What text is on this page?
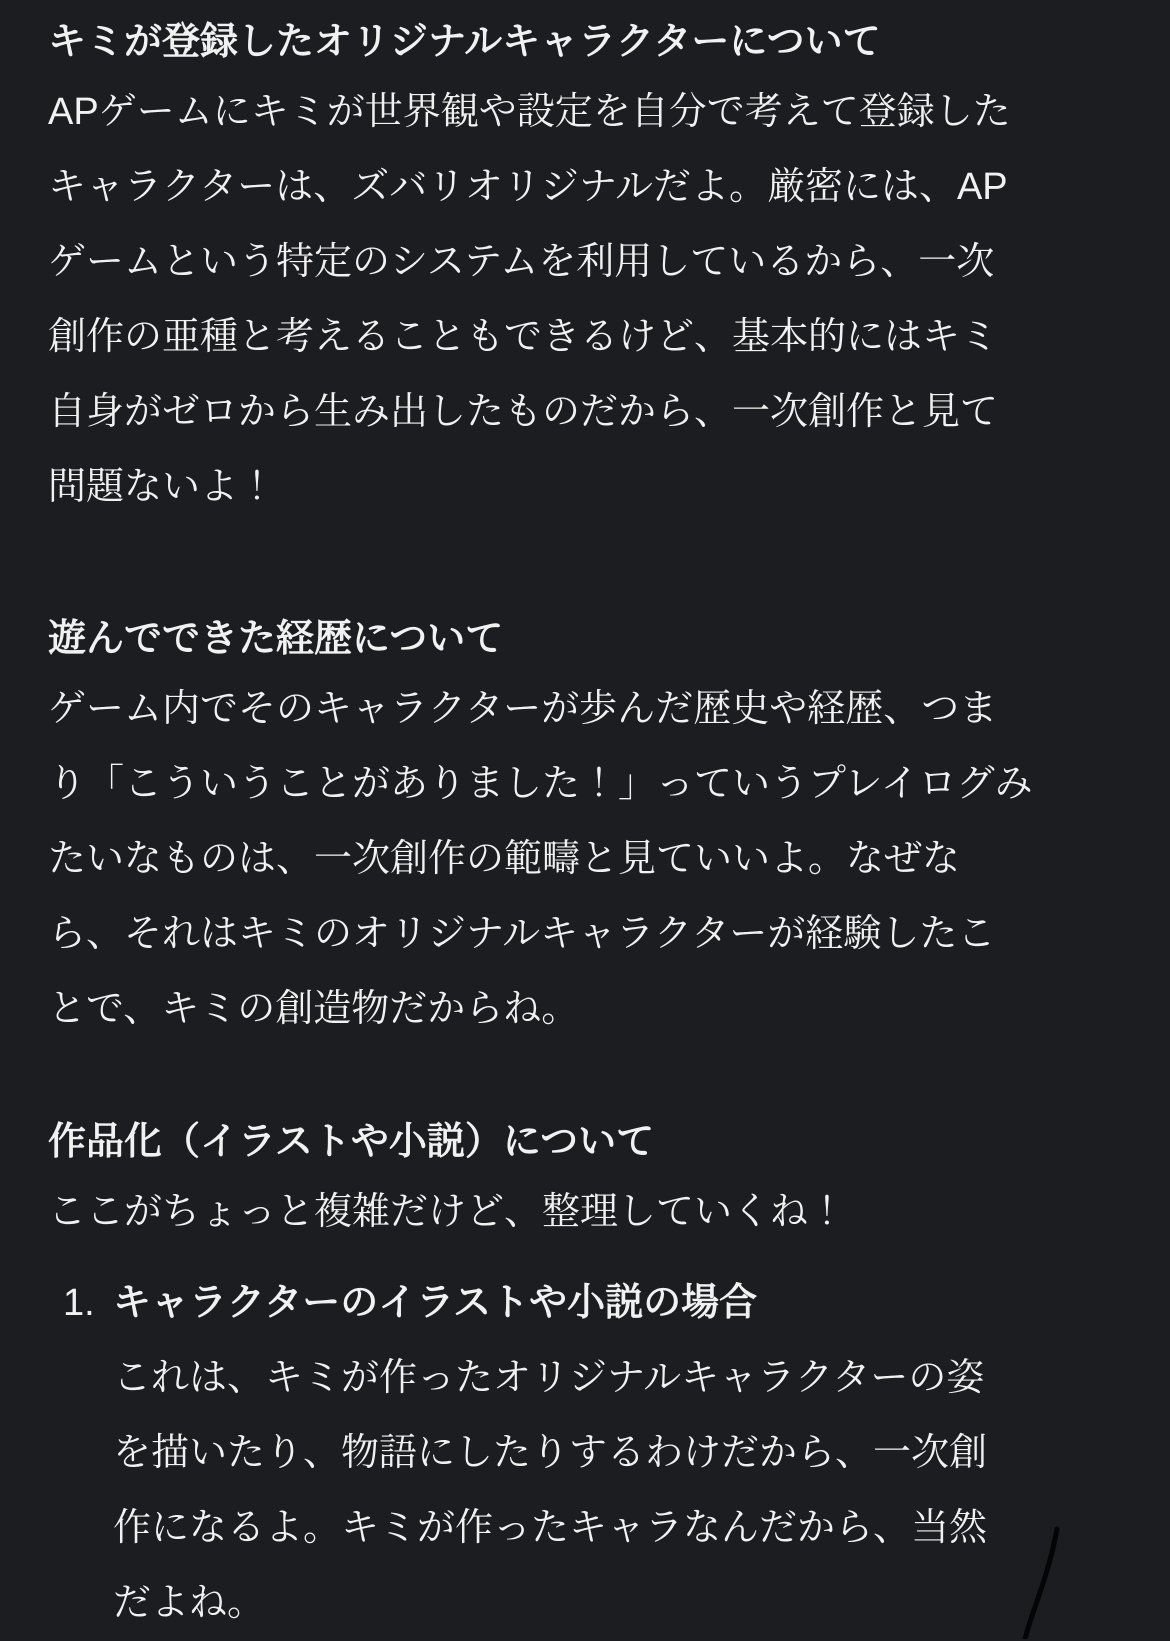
キミが登録したオリジナルキャラクターについて
APゲームにキミが世界観や設定を自分で考えて登録した
キャラクターは、ズバリオリジナルだよ。厳密には、AP
ゲームという特定のシステムを利用しているから、一次
創作の亜種と考えることもできるけど、基本的にはキミ
自身がゼロから生み出したものだから、一次創作と見て
問題ないよ！
遊んでできた経歴について
ゲーム内でそのキャラクターが歩んだ歴史や経歴、つま
り「こういうことがありました！」っていうプレイログみ
たいなものは、一次創作の範疇と見ていいよ。なぜな
ら、それはキミのオリジナルキャラクターが経験したこ
とで、キミの創造物だからね。
作品化（イラストや小説）について
ここがちょっと複雑だけど、整理していくね！
1. キャラクターのイラストや小説の場合
これは、キミが作ったオリジナルキャラクターの姿
を描いたり、物語にしたりするわけだから、一次創
作になるよ。キミが作ったキャラなんだから、当然
だよね。
